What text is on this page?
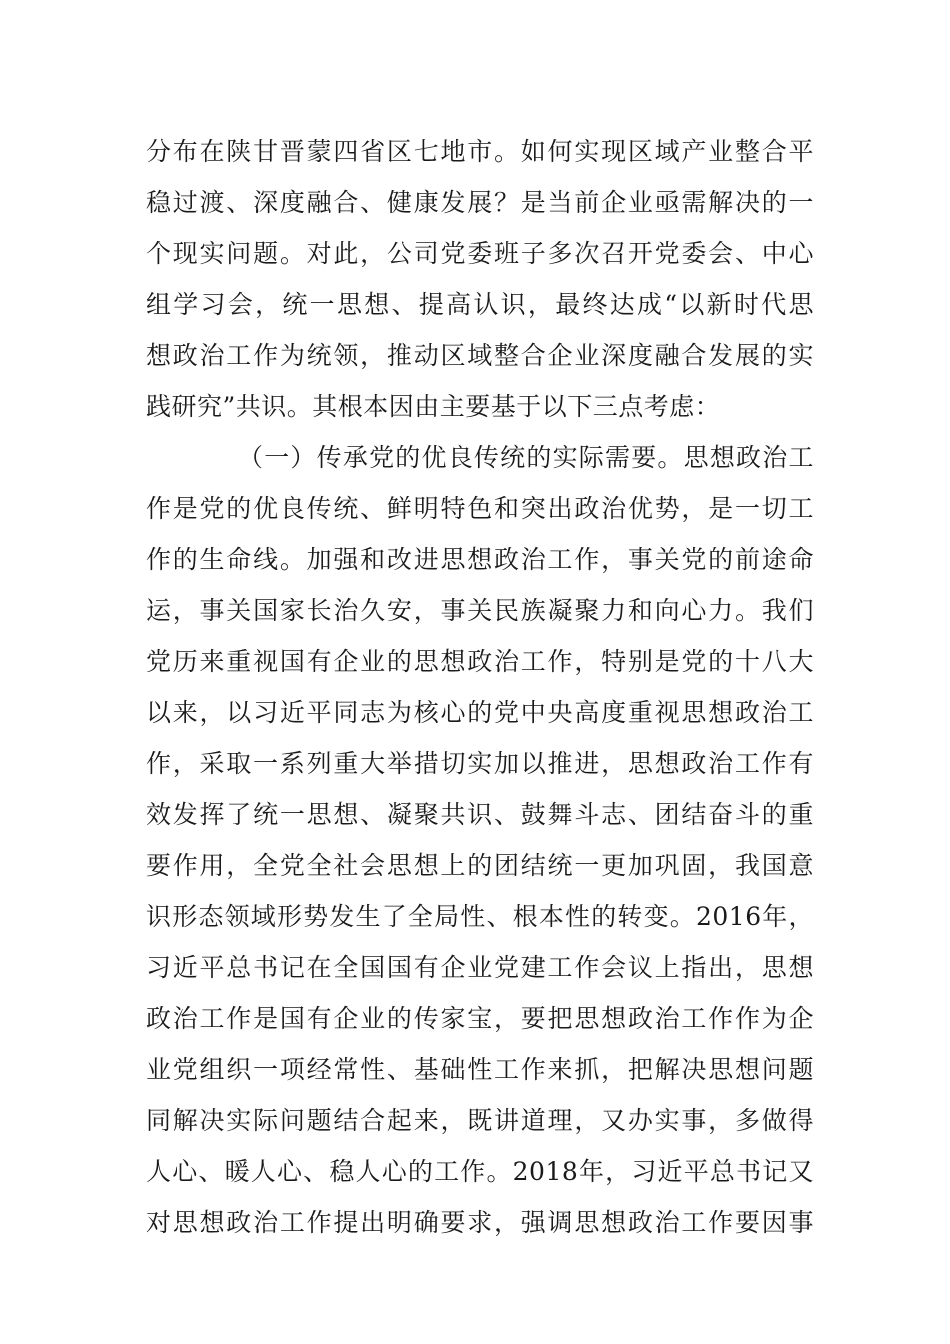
分布在陕甘晋蒙四省区七地市。如何实现区域产业整合平
稳过渡、深度融合、健康发展？是当前企业亟需解决的一
个现实问题。对此，公司党委班子多次召开党委会、中心
组学习会，统一思想、提高认识，最终达成“以新时代思
想政治工作为统领，推动区域整合企业深度融合发展的实
践研究”共识。其根本因由主要基于以下三点考虑：
（一）传承党的优良传统的实际需要。思想政治工
作是党的优良传统、鲜明特色和突出政治优势，是一切工
作的生命线。加强和改进思想政治工作，事关党的前途命
运，事关国家长治久安，事关民族凝聚力和向心力。我们
党历来重视国有企业的思想政治工作，特别是党的十八大
以来，以习近平同志为核心的党中央高度重视思想政治工
作，采取一系列重大举措切实加以推进，思想政治工作有
效发挥了统一思想、凝聚共识、鼓舞斗志、团结奋斗的重
要作用，全党全社会思想上的团结统一更加巩固，我国意
识形态领域形势发生了全局性、根本性的转变。2016年，
习近平总书记在全国国有企业党建工作会议上指出，思想
政治工作是国有企业的传家宝，要把思想政治工作作为企
业党组织一项经常性、基础性工作来抓，把解决思想问题
同解决实际问题结合起来，既讲道理，又办实事，多做得
人心、暖人心、稳人心的工作。2018年，习近平总书记又
对思想政治工作提出明确要求，强调思想政治工作要因事
